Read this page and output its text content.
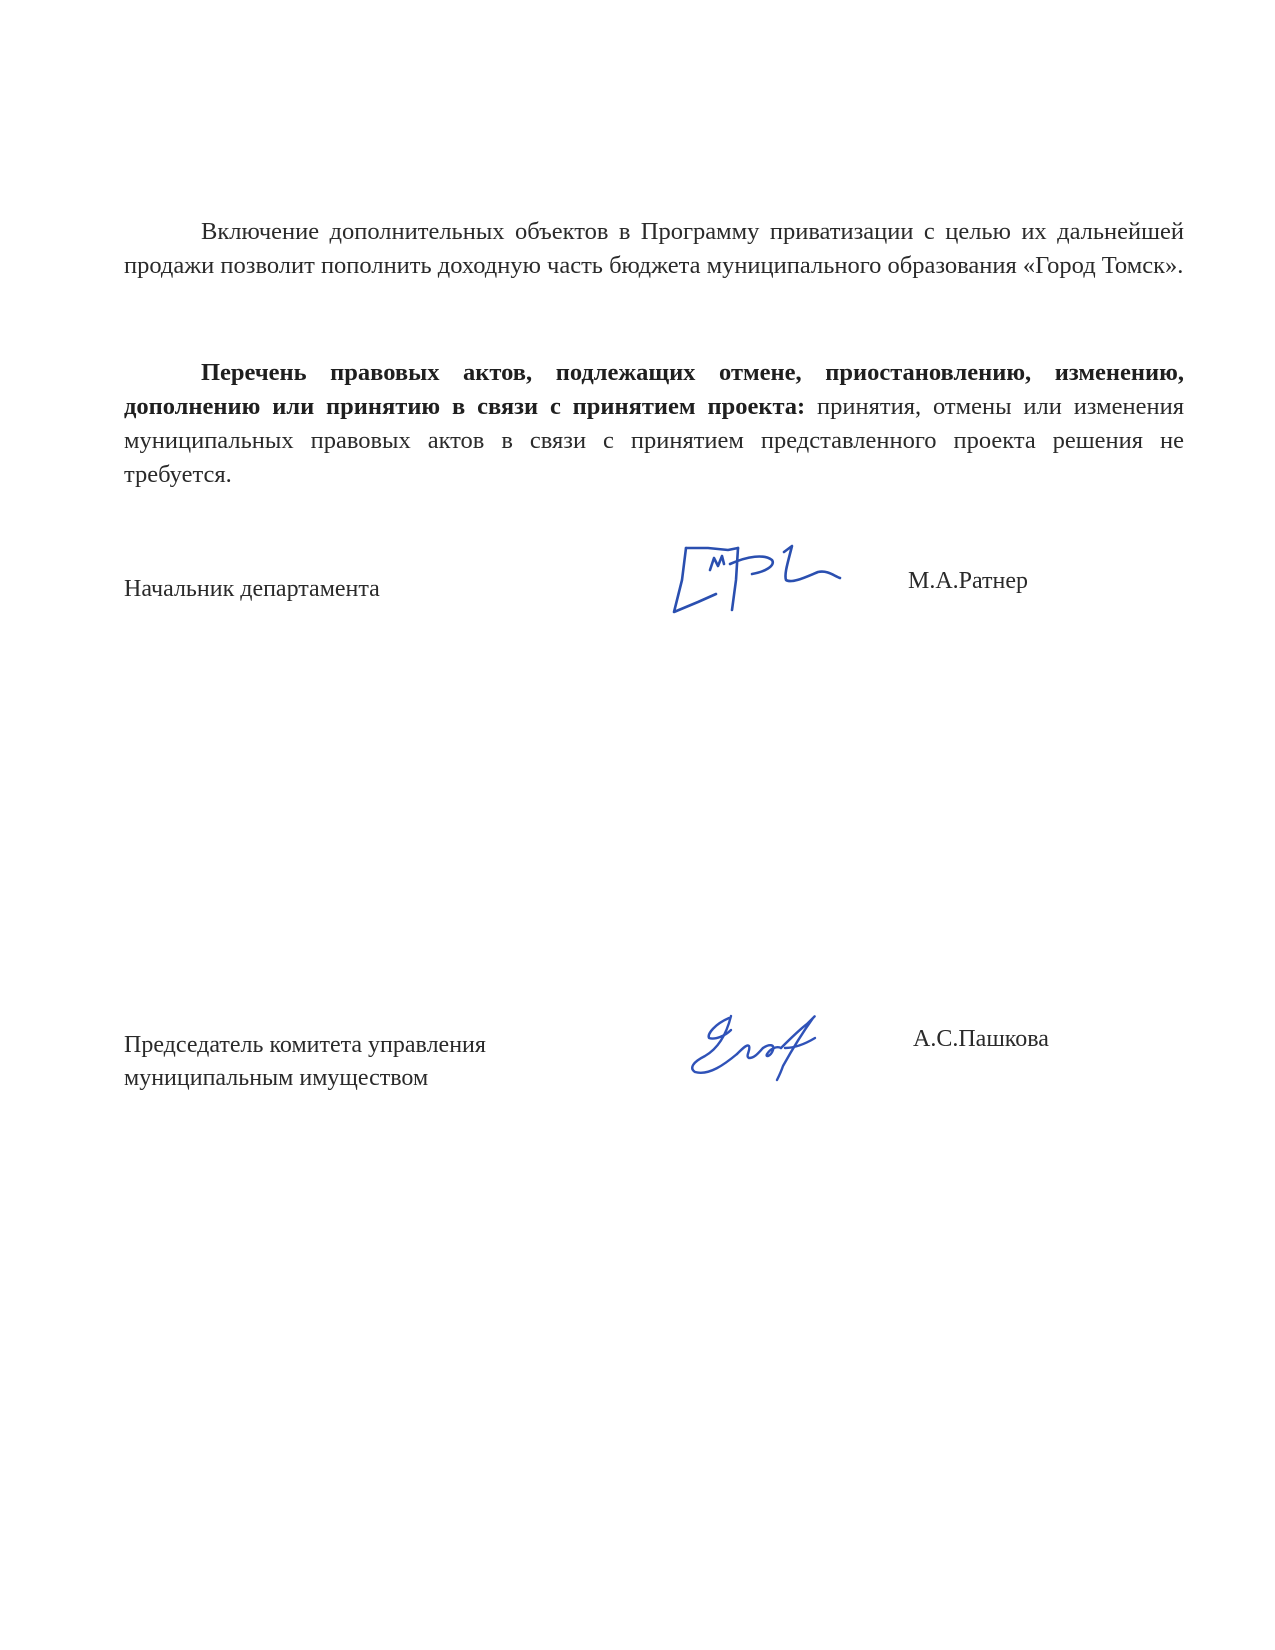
Включение дополнительных объектов в Программу приватизации с целью их дальнейшей продажи позволит пополнить доходную часть бюджета муниципального образования «Город Томск».

Перечень правовых актов, подлежащих отмене, приостановлению, изменению, дополнению или принятию в связи с принятием проекта: принятия, отмены или изменения муниципальных правовых актов в связи с принятием представленного проекта решения не требуется.

Начальник департамента	М.А.Ратнер
Председатель комитета управления
муниципальным имуществом
А.С.Пашкова
